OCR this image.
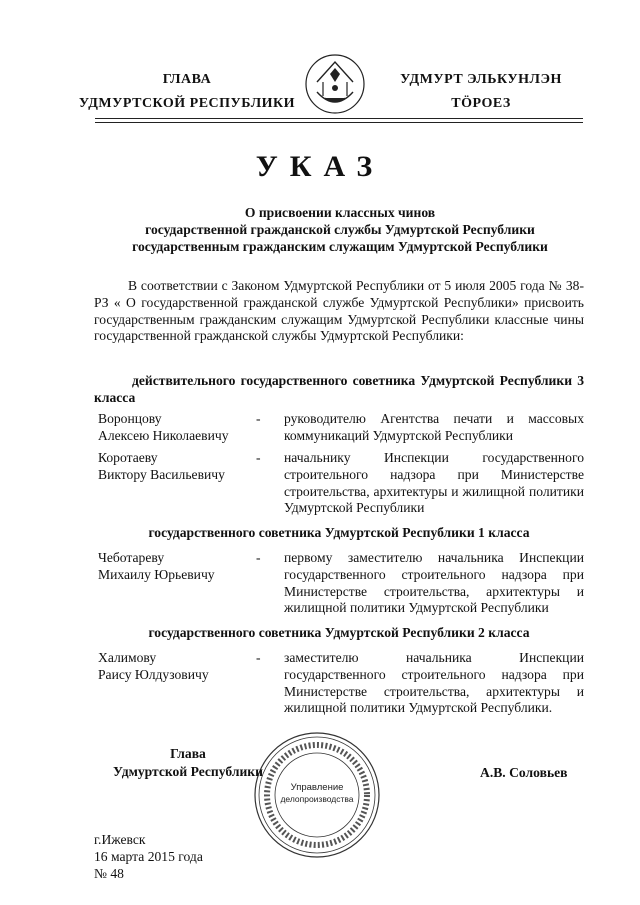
ГЛАВА
УДМУРТСКОЙ РЕСПУБЛИКИ
УДМУРТ ЭЛЬКУНЛЭН
ТӦРОЕЗ
УКАЗ
О присвоении классных чинов
государственной гражданской службы Удмуртской Республики
государственным гражданским служащим Удмуртской Республики
В соответствии с Законом Удмуртской Республики от 5 июля 2005 года № 38-РЗ « О государственной гражданской службе Удмуртской Республики» присвоить государственным гражданским служащим Удмуртской Республики классные чины государственной гражданской службы Удмуртской Республики:
действительного государственного советника Удмуртской Республики 3 класса
Воронцову
Алексею Николаевичу
- руководителю Агентства печати и массовых коммуникаций Удмуртской Республики
Коротаеву
Виктору Васильевичу
- начальнику Инспекции государственного строительного надзора при Министерстве строительства, архитектуры и жилищной политики Удмуртской Республики
государственного советника Удмуртской Республики 1 класса
Чеботареву
Михаилу Юрьевичу
- первому заместителю начальника Инспекции государственного строительного надзора при Министерстве строительства, архитектуры и жилищной политики Удмуртской Республики
государственного советника Удмуртской Республики 2 класса
Халимову
Раису Юлдузовичу
- заместителю начальника Инспекции государственного строительного надзора при Министерстве строительства, архитектуры и жилищной политики Удмуртской Республики.
Управление
делопроизводства
Глава
Удмуртской Республики	А.В. Соловьев
г.Ижевск
16 марта 2015 года
№ 48
